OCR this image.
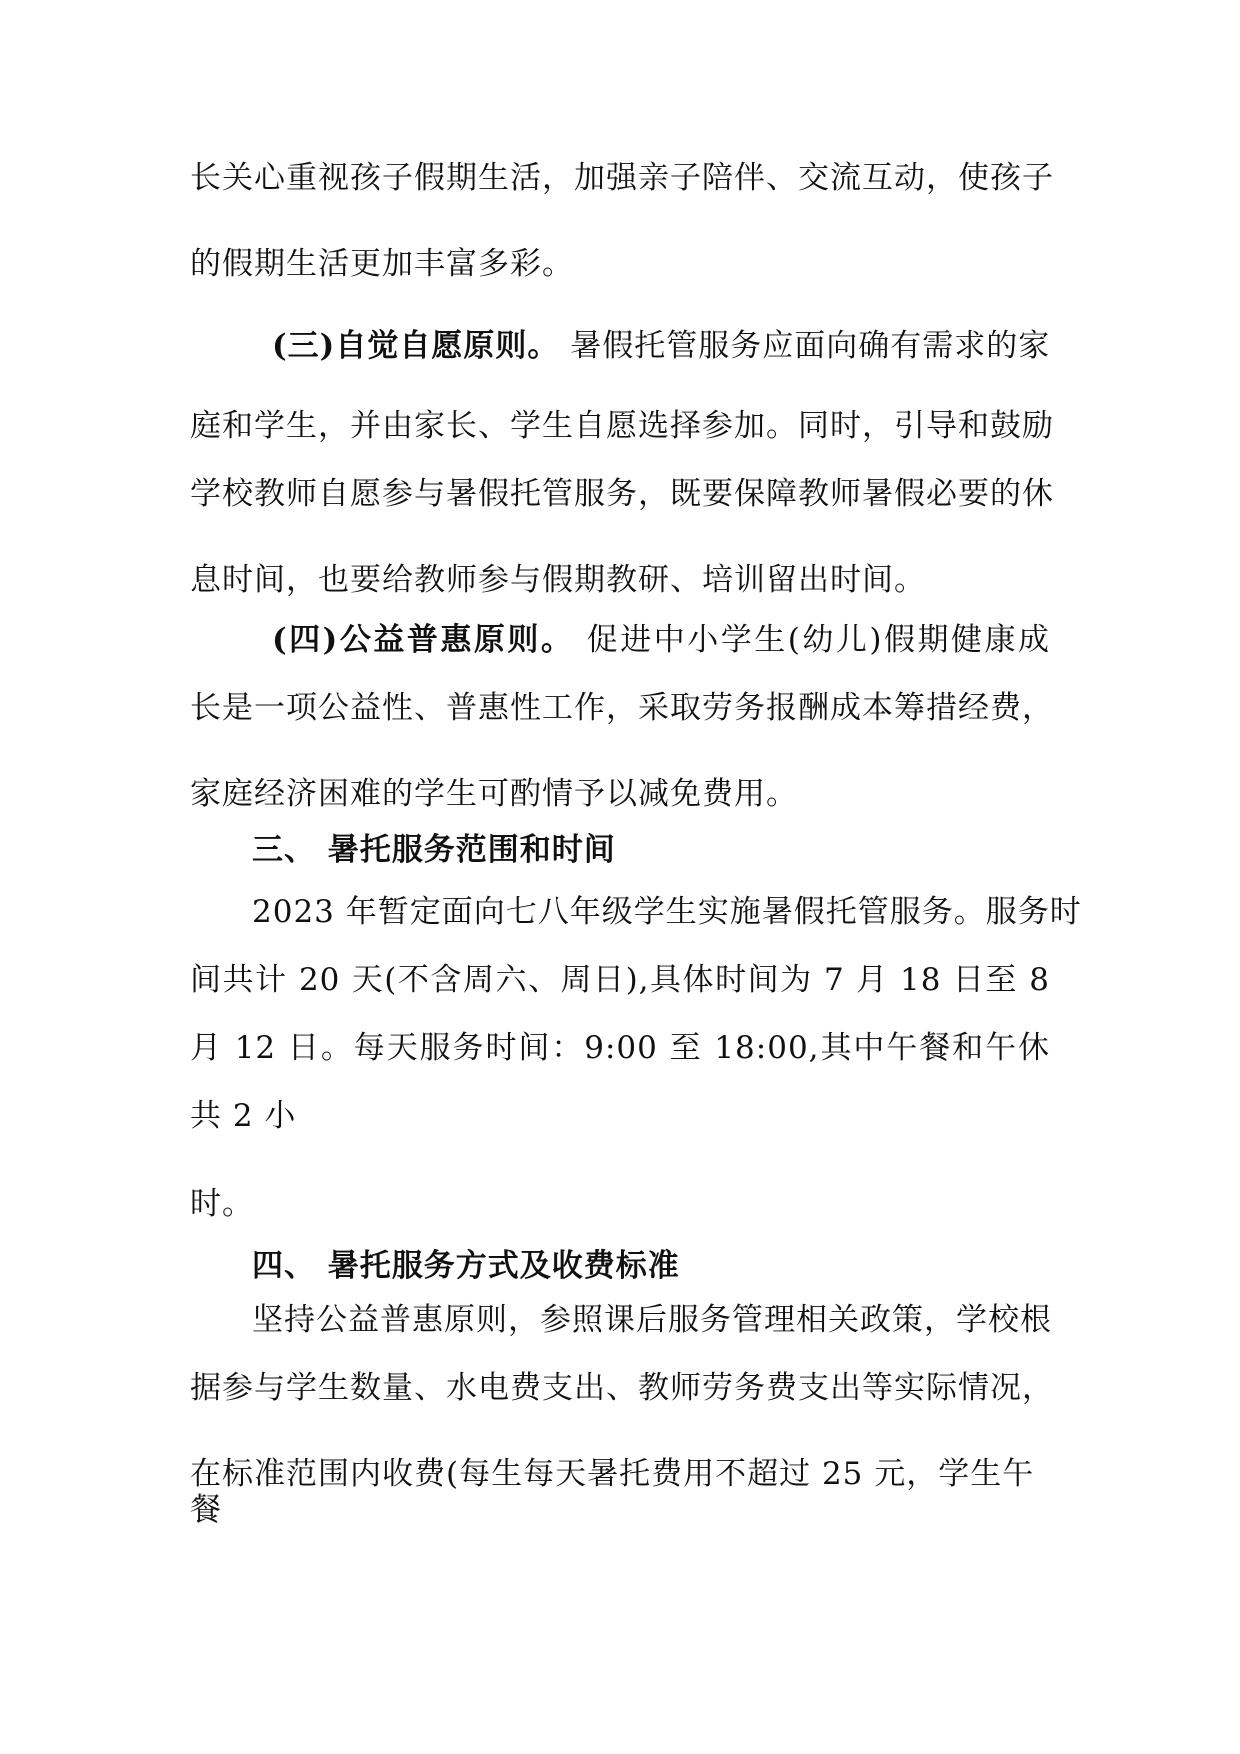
长关心重视孩子假期生活，加强亲子陪伴、交流互动，使孩子
的假期生活更加丰富多彩。
(三)自觉自愿原则。 暑假托管服务应面向确有需求的家
庭和学生，并由家长、学生自愿选择参加。同时，引导和鼓励
学校教师自愿参与暑假托管服务，既要保障教师暑假必要的休
息时间，也要给教师参与假期教研、培训留出时间。
(四)公益普惠原则。 促进中小学生(幼儿)假期健康成
长是一项公益性、普惠性工作，采取劳务报酬成本筹措经费，
家庭经济困难的学生可酌情予以减免费用。
三、 暑托服务范围和时间
2023 年暂定面向七八年级学生实施暑假托管服务。服务时
间共计 20 天(不含周六、周日),具体时间为 7 月 18 日至 8
月 12 日。每天服务时间：9:00 至 18:00,其中午餐和午休
共 2 小
时。
四、 暑托服务方式及收费标准
坚持公益普惠原则，参照课后服务管理相关政策，学校根
据参与学生数量、水电费支出、教师劳务费支出等实际情况，
在标准范围内收费(每生每天暑托费用不超过 25 元，学生午
餐
